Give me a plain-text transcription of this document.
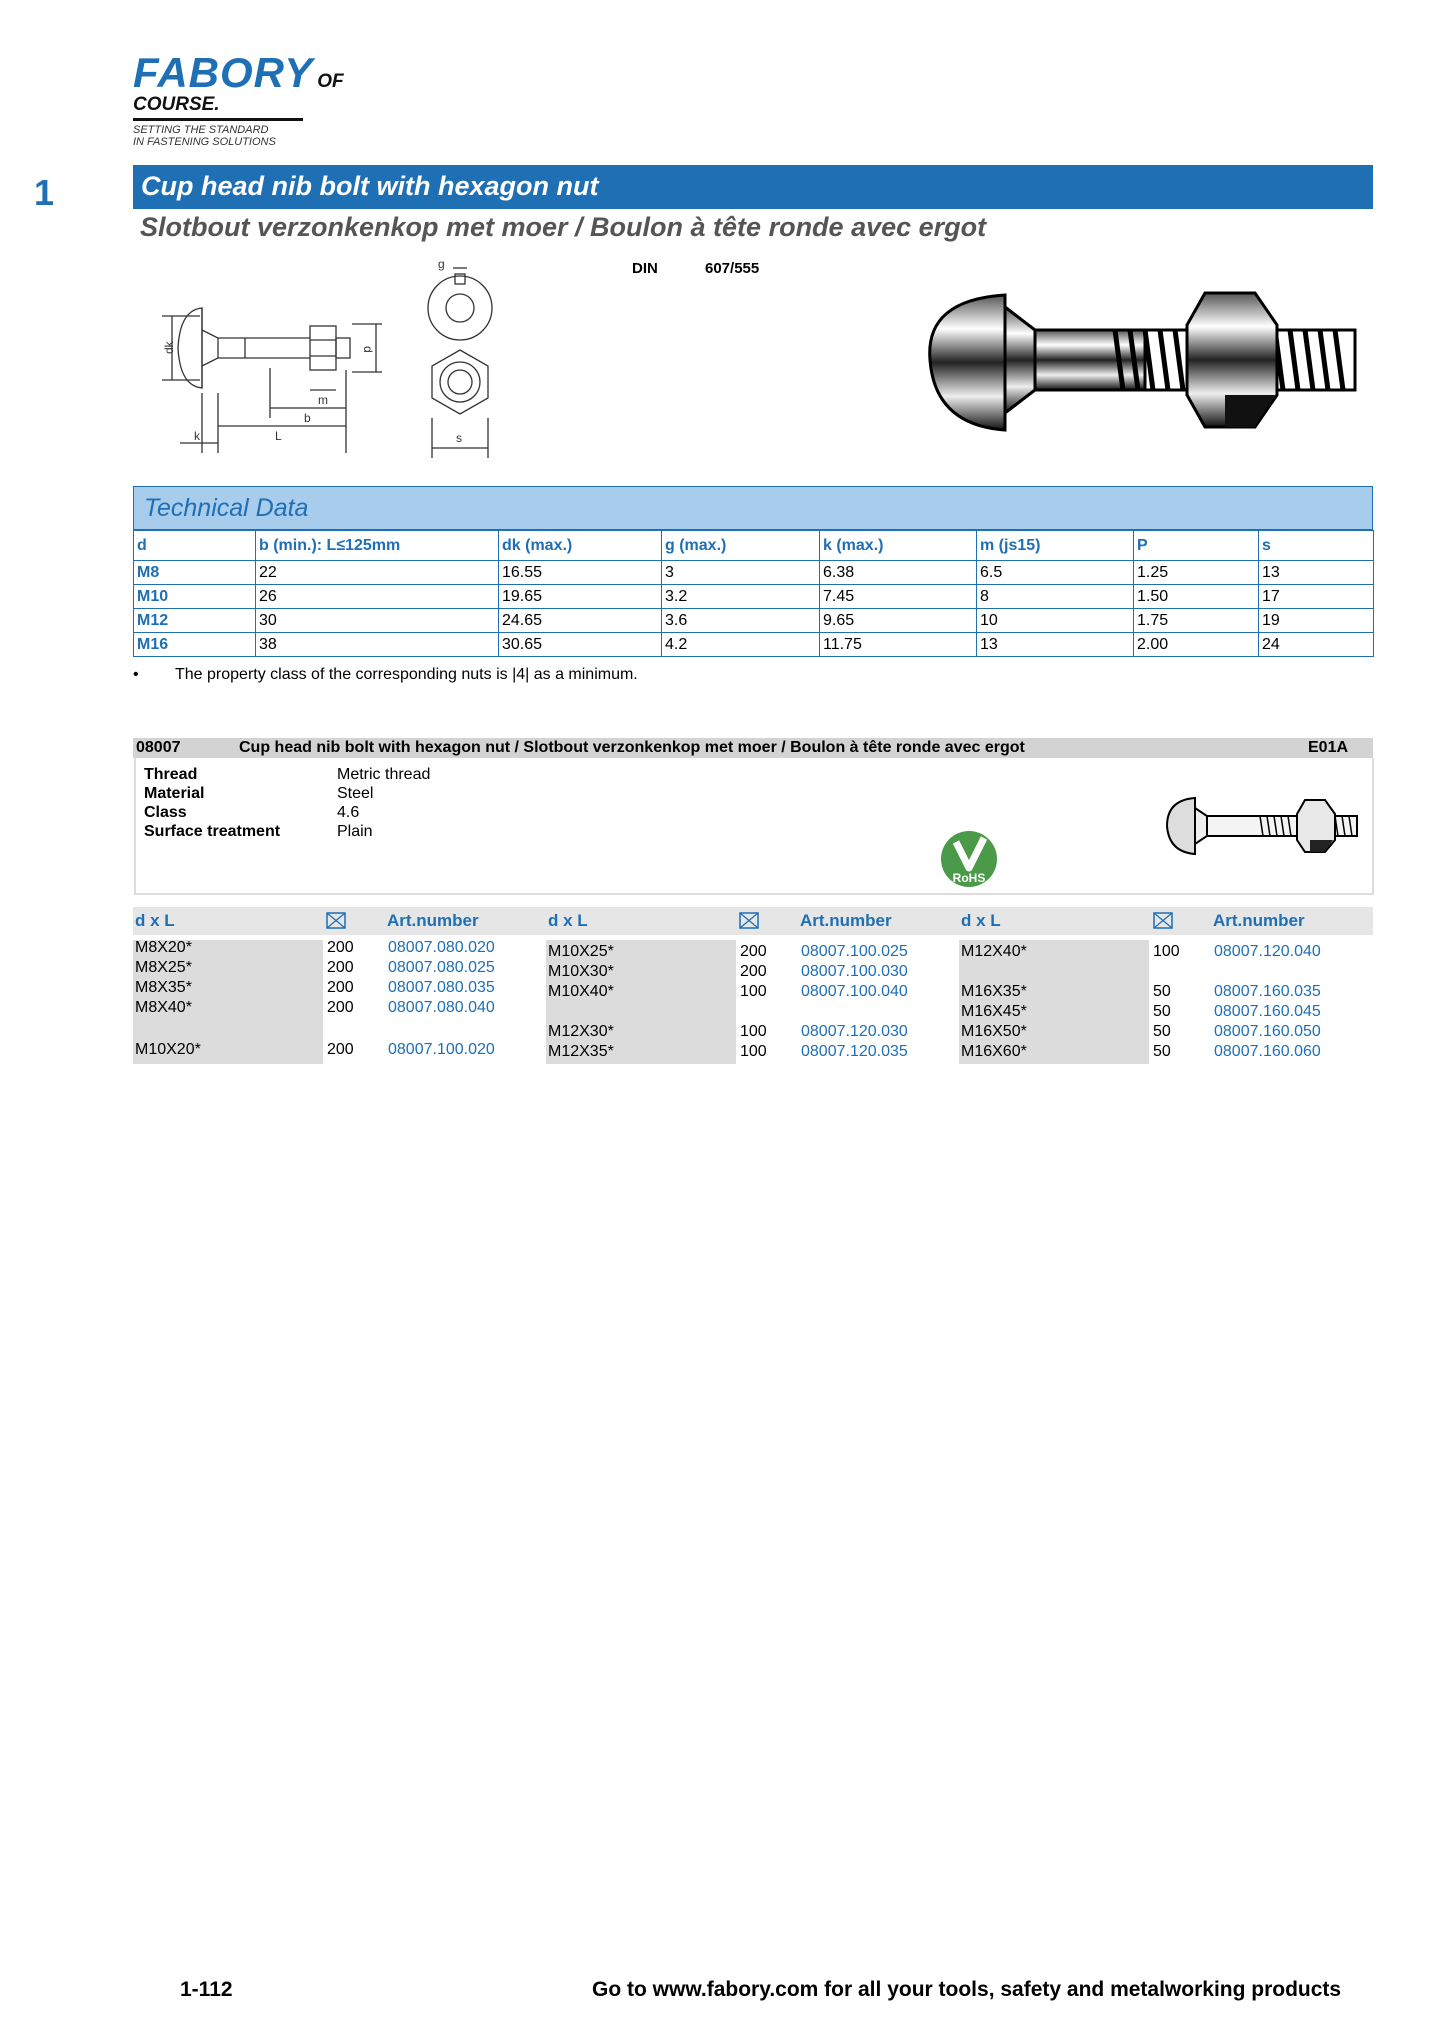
FABORY OF COURSE.
SETTING THE STANDARD
IN FASTENING SOLUTIONS
1	Cup head nib bolt with hexagon nut
Slotbout verzonkenkop met moer / Boulon à tête ronde avec ergot
DIN	607/555
g
dk	d
m
b
k	L	s
Technical Data
d	b (min.): L≤125mm	dk (max.)	g (max.)	k (max.)	m (js15)	P	s
M8	22	16.55	3	6.38	6.5	1.25	13
M10	26	19.65	3.2	7.45	8	1.50	17
M12	30	24.65	3.6	9.65	10	1.75	19
M16	38	30.65	4.2	11.75	13	2.00	24
• The property class of the corresponding nuts is |4| as a minimum.
08007	Cup head nib bolt with hexagon nut / Slotbout verzonkenkop met moer / Boulon à tête ronde avec ergot	E01A
Thread	Metric thread
Material	Steel
Class	4.6
Surface treatment	Plain
RoHS
d x L	Art.number	d x L	Art.number	d x L	Art.number
M8X20*	200 08007.080.020
M8X25*	200 08007.080.025
M8X35*	200 08007.080.035
M8X40*	200 08007.080.040
M10X20*	200 08007.100.020
M10X25*	200 08007.100.025
M10X30*	200 08007.100.030
M10X40*	100 08007.100.040
M12X30*	100 08007.120.030
M12X35*	100 08007.120.035
M12X40*	100 08007.120.040
M16X35*	50	08007.160.035
M16X45*	50	08007.160.045
M16X50*	50	08007.160.050
M16X60*	50	08007.160.060
1-112	Go to www.fabory.com for all your tools, safety and metalworking products
